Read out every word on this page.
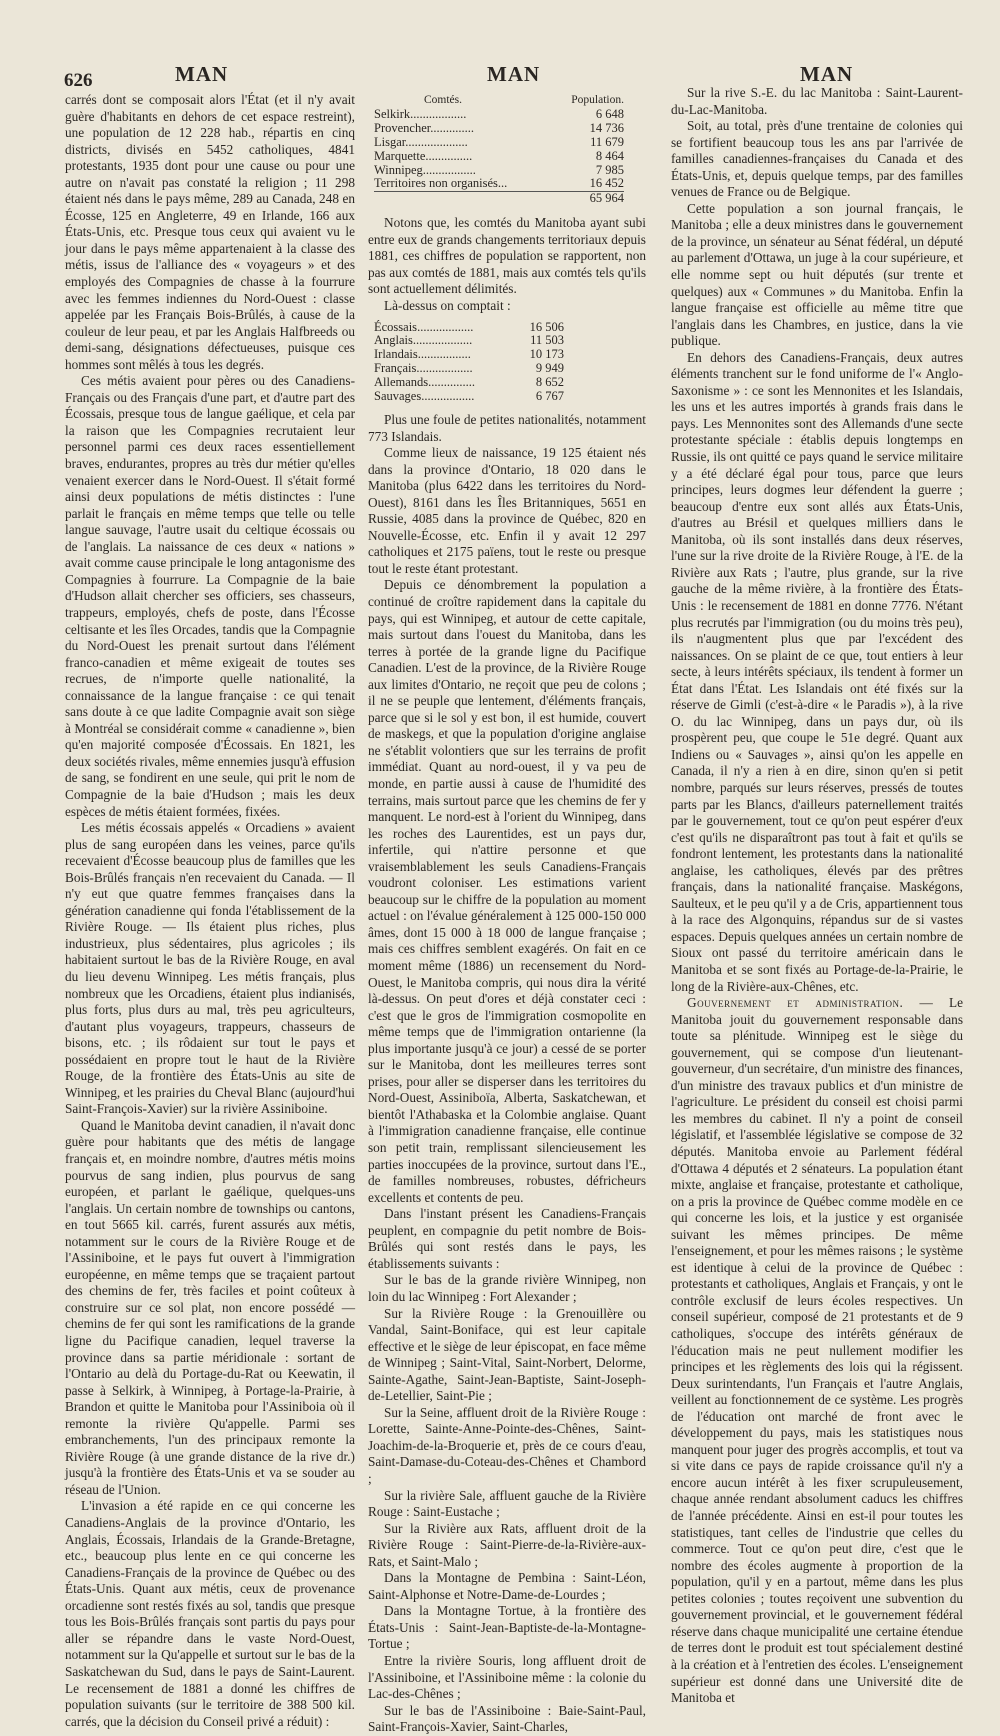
626	MAN	MAN	MAN

carrés dont se composait alors l'État (et il n'y avait guère d'habitants en dehors de cet espace restreint), une population de 12 228 hab., répartis en cinq districts, divisés en 5452 catholiques, 4841 protestants, 1935 dont pour une cause ou pour une autre on n'avait pas constaté la religion ; 11 298 étaient nés dans le pays même, 289 au Canada, 248 en Écosse, 125 en Angleterre, 49 en Irlande, 166 aux États-Unis, etc. Presque tous ceux qui avaient vu le jour dans le pays même appartenaient à la classe des métis, issus de l'alliance des « voyageurs » et des employés des Compagnies de chasse à la fourrure avec les femmes indiennes du Nord-Ouest : classe appelée par les Français Bois-Brûlés, à cause de la couleur de leur peau, et par les Anglais Halfbreeds ou demi-sang, désignations défectueuses, puisque ces hommes sont mêlés à tous les degrés.

Ces métis avaient pour pères ou des Canadiens-Français ou des Français d'une part, et d'autre part des Écossais, presque tous de langue gaélique, et cela par la raison que les Compagnies recrutaient leur personnel parmi ces deux races essentiellement braves, endurantes, propres au très dur métier qu'elles venaient exercer dans le Nord-Ouest. Il s'était formé ainsi deux populations de métis distinctes : l'une parlait le français en même temps que telle ou telle langue sauvage, l'autre usait du celtique écossais ou de l'anglais. La naissance de ces deux « nations » avait comme cause principale le long antagonisme des Compagnies à fourrure. La Compagnie de la baie d'Hudson allait chercher ses officiers, ses chasseurs, trappeurs, employés, chefs de poste, dans l'Écosse celtisante et les îles Orcades, tandis que la Compagnie du Nord-Ouest les prenait surtout dans l'élément franco-canadien et même exigeait de toutes ses recrues, de n'importe quelle nationalité, la connaissance de la langue française : ce qui tenait sans doute à ce que ladite Compagnie avait son siège à Montréal se considérait comme « canadienne », bien qu'en majorité composée d'Écossais. En 1821, les deux sociétés rivales, même ennemies jusqu'à effusion de sang, se fondirent en une seule, qui prit le nom de Compagnie de la baie d'Hudson ; mais les deux espèces de métis étaient formées, fixées.

Les métis écossais appelés « Orcadiens » avaient plus de sang européen dans les veines, parce qu'ils recevaient d'Écosse beaucoup plus de familles que les Bois-Brûlés français n'en recevaient du Canada. — Il n'y eut que quatre femmes françaises dans la génération canadienne qui fonda l'établissement de la Rivière Rouge. — Ils étaient plus riches, plus industrieux, plus sédentaires, plus agricoles ; ils habitaient surtout le bas de la Rivière Rouge, en aval du lieu devenu Winnipeg. Les métis français, plus nombreux que les Orcadiens, étaient plus indianisés, plus forts, plus durs au mal, très peu agriculteurs, d'autant plus voyageurs, trappeurs, chasseurs de bisons, etc. ; ils rôdaient sur tout le pays et possédaient en propre tout le haut de la Rivière Rouge, de la frontière des États-Unis au site de Winnipeg, et les prairies du Cheval Blanc (aujourd'hui Saint-François-Xavier) sur la rivière Assiniboine.

Quand le Manitoba devint canadien, il n'avait donc guère pour habitants que des métis de langage français et, en moindre nombre, d'autres métis moins pourvus de sang indien, plus pourvus de sang européen, et parlant le gaélique, quelques-uns l'anglais. Un certain nombre de townships ou cantons, en tout 5665 kil. carrés, furent assurés aux métis, notamment sur le cours de la Rivière Rouge et de l'Assiniboine, et le pays fut ouvert à l'immigration européenne, en même temps que se traçaient partout des chemins de fer, très faciles et point coûteux à construire sur ce sol plat, non encore possédé — chemins de fer qui sont les ramifications de la grande ligne du Pacifique canadien, lequel traverse la province dans sa partie méridionale : sortant de l'Ontario au delà du Portage-du-Rat ou Keewatin, il passe à Selkirk, à Winnipeg, à Portage-la-Prairie, à Brandon et quitte le Manitoba pour l'Assiniboia où il remonte la rivière Qu'appelle. Parmi ses embranchements, l'un des principaux remonte la Rivière Rouge (à une grande distance de la rive dr.) jusqu'à la frontière des États-Unis et va se souder au réseau de l'Union.

L'invasion a été rapide en ce qui concerne les Canadiens-Anglais de la province d'Ontario, les Anglais, Écossais, Irlandais de la Grande-Bretagne, etc., beaucoup plus lente en ce qui concerne les Canadiens-Français de la province de Québec ou des États-Unis. Quant aux métis, ceux de provenance orcadienne sont restés fixés au sol, tandis que presque tous les Bois-Brûlés français sont partis du pays pour aller se répandre dans le vaste Nord-Ouest, notamment sur la Qu'appelle et surtout sur le bas de la Saskatchewan du Sud, dans le pays de Saint-Laurent. Le recensement de 1881 a donné les chiffres de population suivants (sur le territoire de 388 500 kil. carrés, que la décision du Conseil privé a réduit) :

Comtés.	Population.
Selkirk..................	6 648
Provencher..............	14 736
Lisgar....................	11 679
Marquette...............	8 464
Winnipeg.................	7 985
Territoires non organisés...	16 452
	65 964

Notons que, les comtés du Manitoba ayant subi entre eux de grands changements territoriaux depuis 1881, ces chiffres de population se rapportent, non pas aux comtés de 1881, mais aux comtés tels qu'ils sont actuellement délimités.

Là-dessus on comptait :

Écossais..................	16 506
Anglais...................	11 503
Irlandais.................	10 173
Français..................	9 949
Allemands...............	8 652
Sauvages.................	6 767

Plus une foule de petites nationalités, notamment 773 Islandais.

Comme lieux de naissance, 19 125 étaient nés dans la province d'Ontario, 18 020 dans le Manitoba (plus 6422 dans les territoires du Nord-Ouest), 8161 dans les Îles Britanniques, 5651 en Russie, 4085 dans la province de Québec, 820 en Nouvelle-Écosse, etc. Enfin il y avait 12 297 catholiques et 2175 païens, tout le reste ou presque tout le reste étant protestant.

Depuis ce dénombrement la population a continué de croître rapidement dans la capitale du pays, qui est Winnipeg, et autour de cette capitale, mais surtout dans l'ouest du Manitoba, dans les terres à portée de la grande ligne du Pacifique Canadien. L'est de la province, de la Rivière Rouge aux limites d'Ontario, ne reçoit que peu de colons ; il ne se peuple que lentement, d'éléments français, parce que si le sol y est bon, il est humide, couvert de maskegs, et que la population d'origine anglaise ne s'établit volontiers que sur les terrains de profit immédiat. Quant au nord-ouest, il y va peu de monde, en partie aussi à cause de l'humidité des terrains, mais surtout parce que les chemins de fer y manquent. Le nord-est à l'orient du Winnipeg, dans les roches des Laurentides, est un pays dur, infertile, qui n'attire personne et que vraisemblablement les seuls Canadiens-Français voudront coloniser. Les estimations varient beaucoup sur le chiffre de la population au moment actuel : on l'évalue généralement à 125 000-150 000 âmes, dont 15 000 à 18 000 de langue française ; mais ces chiffres semblent exagérés. On fait en ce moment même (1886) un recensement du Nord-Ouest, le Manitoba compris, qui nous dira la vérité là-dessus. On peut d'ores et déjà constater ceci : c'est que le gros de l'immigration cosmopolite en même temps que de l'immigration ontarienne (la plus importante jusqu'à ce jour) a cessé de se porter sur le Manitoba, dont les meilleures terres sont prises, pour aller se disperser dans les territoires du Nord-Ouest, Assiniboïa, Alberta, Saskatchewan, et bientôt l'Athabaska et la Colombie anglaise. Quant à l'immigration canadienne française, elle continue son petit train, remplissant silencieusement les parties inoccupées de la province, surtout dans l'E., de familles nombreuses, robustes, défricheurs excellents et contents de peu.

Dans l'instant présent les Canadiens-Français peuplent, en compagnie du petit nombre de Bois-Brûlés qui sont restés dans le pays, les établissements suivants :

Sur le bas de la grande rivière Winnipeg, non loin du lac Winnipeg : Fort Alexander ;

Sur la Rivière Rouge : la Grenouillère ou Vandal, Saint-Boniface, qui est leur capitale effective et le siège de leur épiscopat, en face même de Winnipeg ; Saint-Vital, Saint-Norbert, Delorme, Sainte-Agathe, Saint-Jean-Baptiste, Saint-Joseph-de-Letellier, Saint-Pie ;

Sur la Seine, affluent droit de la Rivière Rouge : Lorette, Sainte-Anne-Pointe-des-Chênes, Saint-Joachim-de-la-Broquerie et, près de ce cours d'eau, Saint-Damase-du-Coteau-des-Chênes et Chambord ;

Sur la rivière Sale, affluent gauche de la Rivière Rouge : Saint-Eustache ;

Sur la Rivière aux Rats, affluent droit de la Rivière Rouge : Saint-Pierre-de-la-Rivière-aux-Rats, et Saint-Malo ;

Dans la Montagne de Pembina : Saint-Léon, Saint-Alphonse et Notre-Dame-de-Lourdes ;

Dans la Montagne Tortue, à la frontière des États-Unis : Saint-Jean-Baptiste-de-la-Montagne-Tortue ;

Entre la rivière Souris, long affluent droit de l'Assiniboine, et l'Assiniboine même : la colonie du Lac-des-Chênes ;

Sur le bas de l'Assiniboine : Baie-Saint-Paul, Saint-François-Xavier, Saint-Charles,

Sur la rive S.-E. du lac Manitoba : Saint-Laurent-du-Lac-Manitoba.

Soit, au total, près d'une trentaine de colonies qui se fortifient beaucoup tous les ans par l'arrivée de familles canadiennes-françaises du Canada et des États-Unis, et, depuis quelque temps, par des familles venues de France ou de Belgique.

Cette population a son journal français, le Manitoba ; elle a deux ministres dans le gouvernement de la province, un sénateur au Sénat fédéral, un député au parlement d'Ottawa, un juge à la cour supérieure, et elle nomme sept ou huit députés (sur trente et quelques) aux « Communes » du Manitoba. Enfin la langue française est officielle au même titre que l'anglais dans les Chambres, en justice, dans la vie publique.

En dehors des Canadiens-Français, deux autres éléments tranchent sur le fond uniforme de l'« Anglo-Saxonisme » : ce sont les Mennonites et les Islandais, les uns et les autres importés à grands frais dans le pays. Les Mennonites sont des Allemands d'une secte protestante spéciale : établis depuis longtemps en Russie, ils ont quitté ce pays quand le service militaire y a été déclaré égal pour tous, parce que leurs principes, leurs dogmes leur défendent la guerre ; beaucoup d'entre eux sont allés aux États-Unis, d'autres au Brésil et quelques milliers dans le Manitoba, où ils sont installés dans deux réserves, l'une sur la rive droite de la Rivière Rouge, à l'E. de la Rivière aux Rats ; l'autre, plus grande, sur la rive gauche de la même rivière, à la frontière des États-Unis : le recensement de 1881 en donne 7776. N'étant plus recrutés par l'immigration (ou du moins très peu), ils n'augmentent plus que par l'excédent des naissances. On se plaint de ce que, tout entiers à leur secte, à leurs intérêts spéciaux, ils tendent à former un État dans l'État. Les Islandais ont été fixés sur la réserve de Gimli (c'est-à-dire « le Paradis »), à la rive O. du lac Winnipeg, dans un pays dur, où ils prospèrent peu, que coupe le 51e degré. Quant aux Indiens ou « Sauvages », ainsi qu'on les appelle en Canada, il n'y a rien à en dire, sinon qu'en si petit nombre, parqués sur leurs réserves, pressés de toutes parts par les Blancs, d'ailleurs paternellement traités par le gouvernement, tout ce qu'on peut espérer d'eux c'est qu'ils ne disparaîtront pas tout à fait et qu'ils se fondront lentement, les protestants dans la nationalité anglaise, les catholiques, élevés par des prêtres français, dans la nationalité française. Maskégons, Saulteux, et le peu qu'il y a de Cris, appartiennent tous à la race des Algonquins, répandus sur de si vastes espaces. Depuis quelques années un certain nombre de Sioux ont passé du territoire américain dans le Manitoba et se sont fixés au Portage-de-la-Prairie, le long de la Rivière-aux-Chênes, etc.

Gouvernement et administration. — Le Manitoba jouit du gouvernement responsable dans toute sa plénitude. Winnipeg est le siège du gouvernement, qui se compose d'un lieutenant-gouverneur, d'un secrétaire, d'un ministre des finances, d'un ministre des travaux publics et d'un ministre de l'agriculture. Le président du conseil est choisi parmi les membres du cabinet. Il n'y a point de conseil législatif, et l'assemblée législative se compose de 32 députés. Manitoba envoie au Parlement fédéral d'Ottawa 4 députés et 2 sénateurs. La population étant mixte, anglaise et française, protestante et catholique, on a pris la province de Québec comme modèle en ce qui concerne les lois, et la justice y est organisée suivant les mêmes principes. De même l'enseignement, et pour les mêmes raisons ; le système est identique à celui de la province de Québec : protestants et catholiques, Anglais et Français, y ont le contrôle exclusif de leurs écoles respectives. Un conseil supérieur, composé de 21 protestants et de 9 catholiques, s'occupe des intérêts généraux de l'éducation mais ne peut nullement modifier les principes et les règlements des lois qui la régissent. Deux surintendants, l'un Français et l'autre Anglais, veillent au fonctionnement de ce système. Les progrès de l'éducation ont marché de front avec le développement du pays, mais les statistiques nous manquent pour juger des progrès accomplis, et tout va si vite dans ce pays de rapide croissance qu'il n'y a encore aucun intérêt à les fixer scrupuleusement, chaque année rendant absolument caducs les chiffres de l'année précédente. Ainsi en est-il pour toutes les statistiques, tant celles de l'industrie que celles du commerce. Tout ce qu'on peut dire, c'est que le nombre des écoles augmente à proportion de la population, qu'il y en a partout, même dans les plus petites colonies ; toutes reçoivent une subvention du gouvernement provincial, et le gouvernement fédéral réserve dans chaque municipalité une certaine étendue de terres dont le produit est tout spécialement destiné à la création et à l'entretien des écoles. L'enseignement supérieur est donné dans une Université dite de Manitoba et
